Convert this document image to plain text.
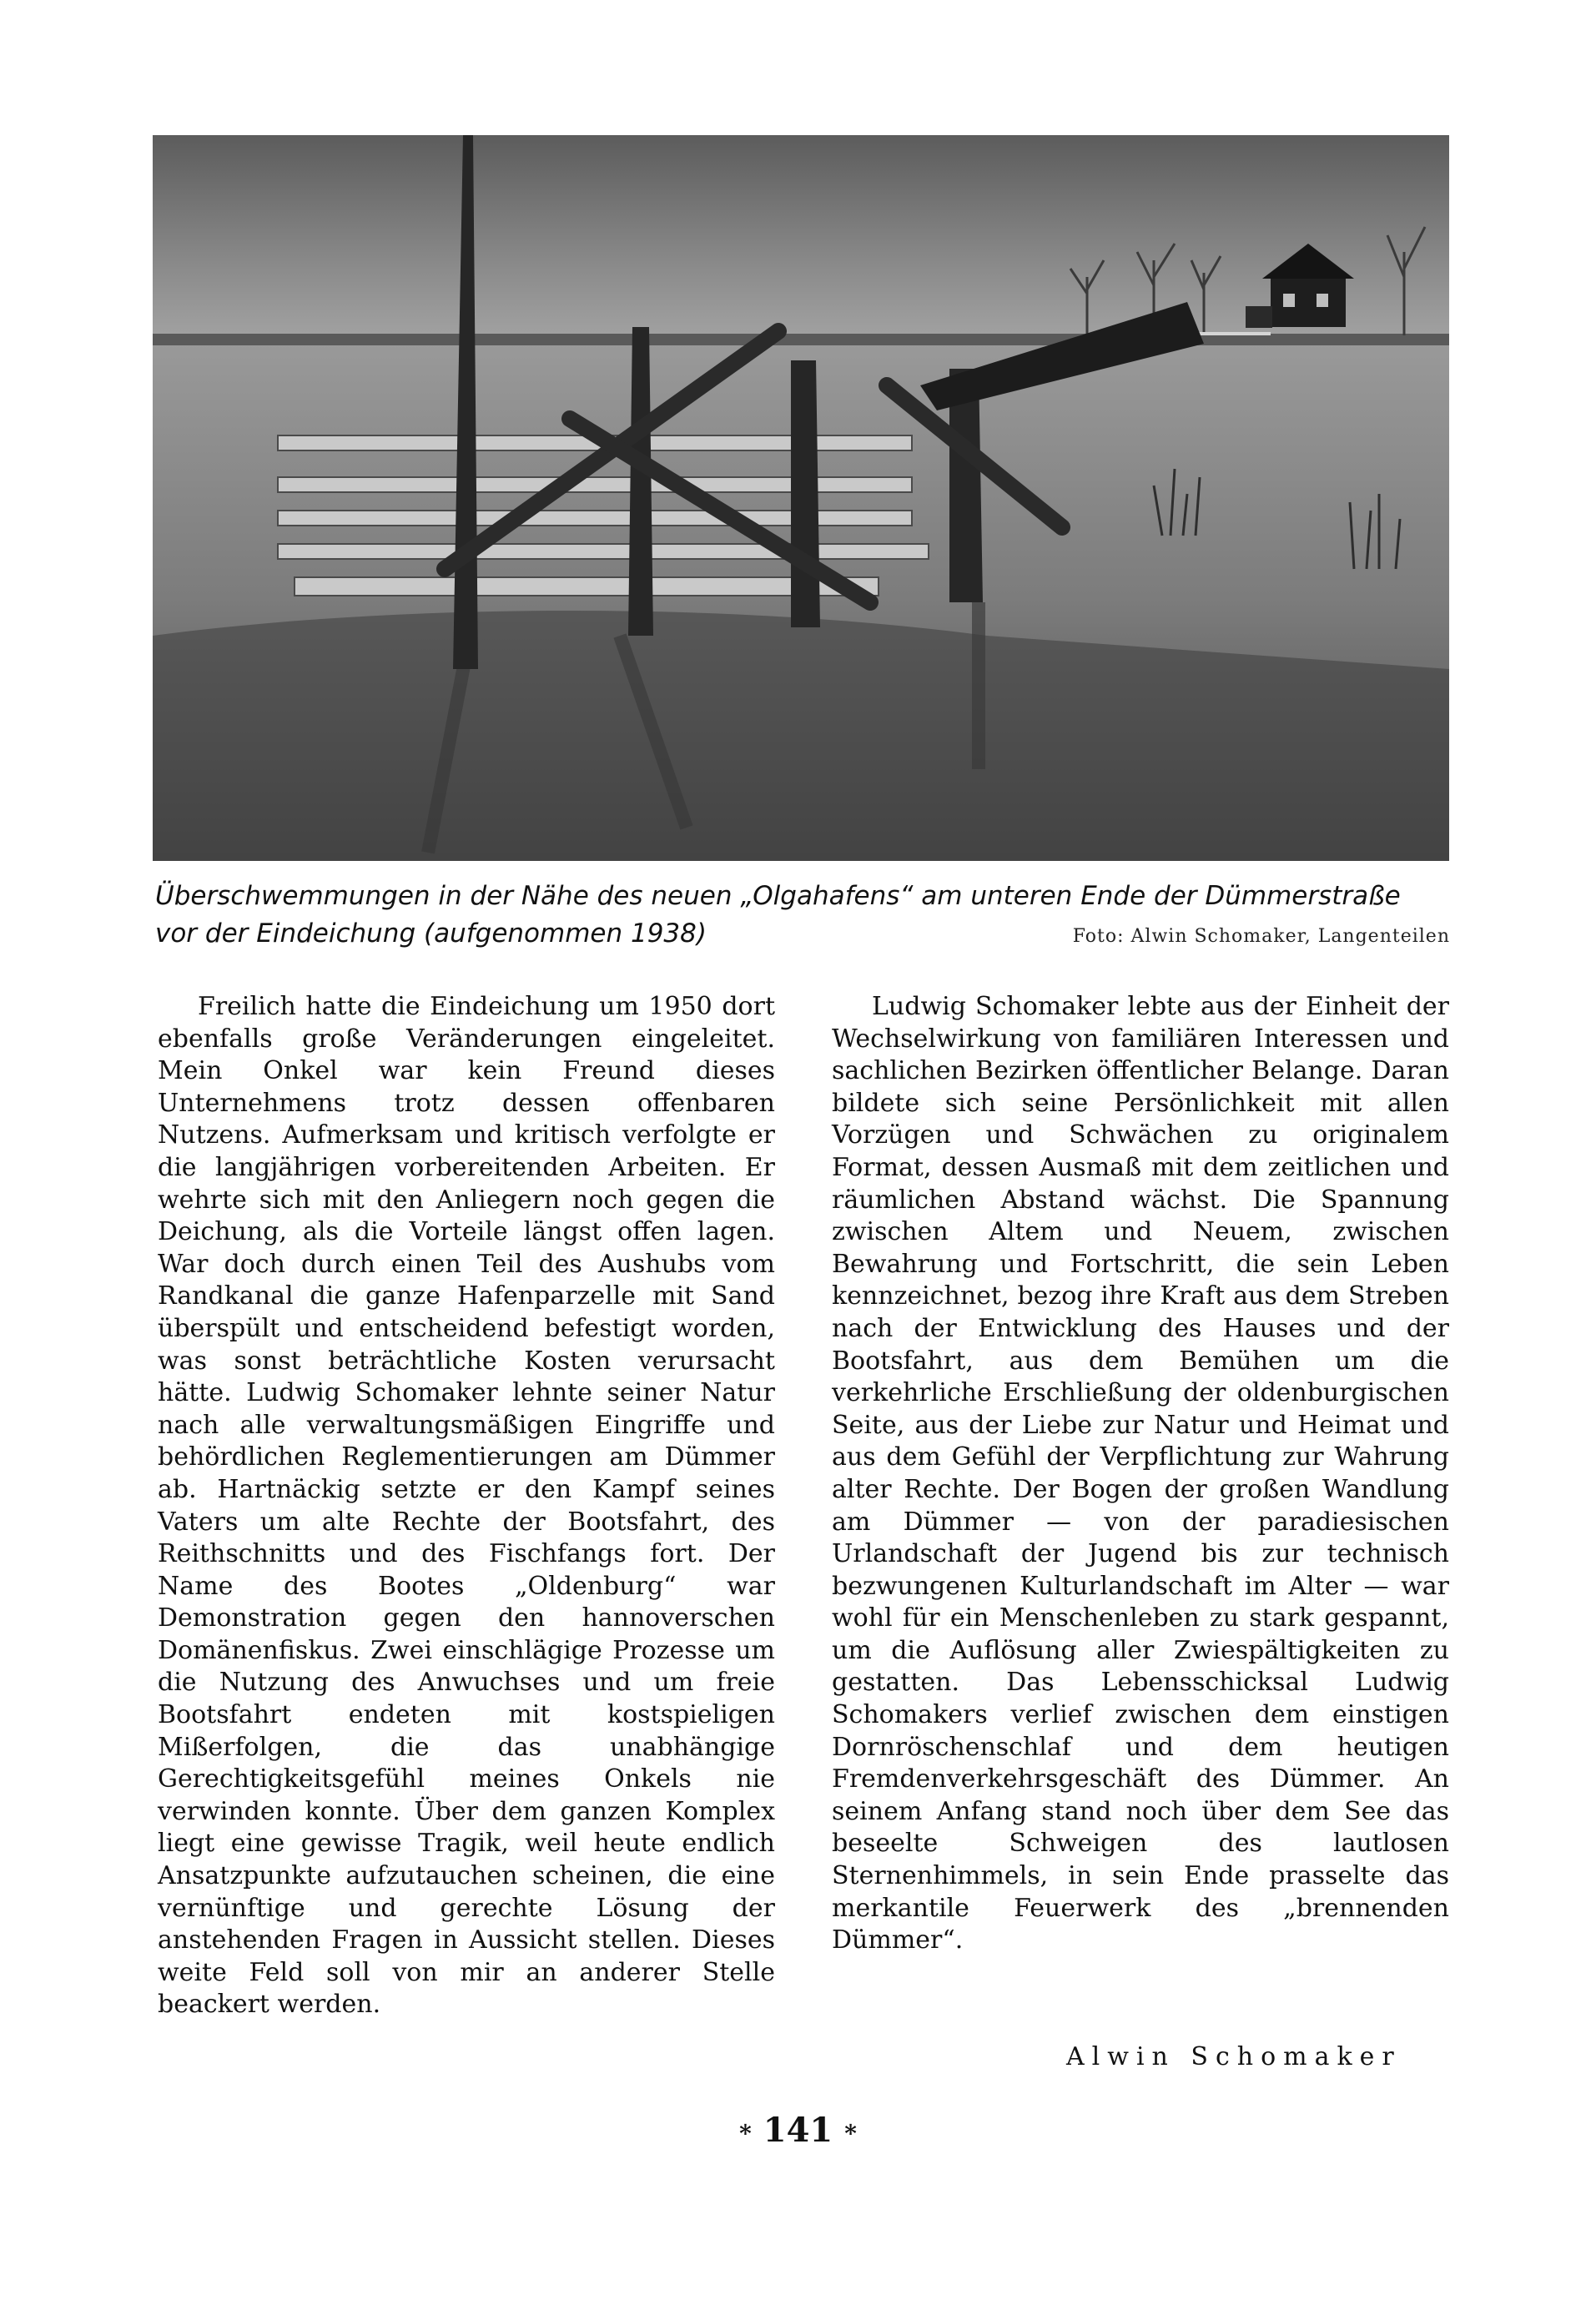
Überschwemmungen in der Nähe des neuen „Olgahafens“ am unteren Ende der Dümmerstraße
vor der Eindeichung (aufgenommen 1938)	Foto: Alwin Schomaker, Langenteilen

Freilich hatte die Eindeichung um 1950 dort ebenfalls große Veränderungen eingeleitet. Mein Onkel war kein Freund dieses Unternehmens trotz dessen offenbaren Nutzens. Aufmerksam und kritisch verfolgte er die langjährigen vorbereitenden Arbeiten. Er wehrte sich mit den Anliegern noch gegen die Deichung, als die Vorteile längst offen lagen. War doch durch einen Teil des Aushubs vom Randkanal die ganze Hafenparzelle mit Sand überspült und entscheidend befestigt worden, was sonst beträchtliche Kosten verursacht hätte. Ludwig Schomaker lehnte seiner Natur nach alle verwaltungsmäßigen Eingriffe und behördlichen Reglementierungen am Dümmer ab. Hartnäckig setzte er den Kampf seines Vaters um alte Rechte der Bootsfahrt, des Reithschnitts und des Fischfangs fort. Der Name des Bootes „Oldenburg“ war Demonstration gegen den hannoverschen Domänenfiskus. Zwei einschlägige Prozesse um die Nutzung des Anwuchses und um freie Bootsfahrt endeten mit kostspieligen Mißerfolgen, die das unabhängige Gerechtigkeitsgefühl meines Onkels nie verwinden konnte. Über dem ganzen Komplex liegt eine gewisse Tragik, weil heute endlich Ansatzpunkte aufzutauchen scheinen, die eine vernünftige und gerechte Lösung der anstehenden Fragen in Aussicht stellen. Dieses weite Feld soll von mir an anderer Stelle beackert werden.

Ludwig Schomaker lebte aus der Einheit der Wechselwirkung von familiären Interessen und sachlichen Bezirken öffentlicher Belange. Daran bildete sich seine Persönlichkeit mit allen Vorzügen und Schwächen zu originalem Format, dessen Ausmaß mit dem zeitlichen und räumlichen Abstand wächst. Die Spannung zwischen Altem und Neuem, zwischen Bewahrung und Fortschritt, die sein Leben kennzeichnet, bezog ihre Kraft aus dem Streben nach der Entwicklung des Hauses und der Bootsfahrt, aus dem Bemühen um die verkehrliche Erschließung der oldenburgischen Seite, aus der Liebe zur Natur und Heimat und aus dem Gefühl der Verpflichtung zur Wahrung alter Rechte. Der Bogen der großen Wandlung am Dümmer — von der paradiesischen Urlandschaft der Jugend bis zur technisch bezwungenen Kulturlandschaft im Alter — war wohl für ein Menschenleben zu stark gespannt, um die Auflösung aller Zwiespältigkeiten zu gestatten. Das Lebensschicksal Ludwig Schomakers verlief zwischen dem einstigen Dornröschenschlaf und dem heutigen Fremdenverkehrsgeschäft des Dümmer. An seinem Anfang stand noch über dem See das beseelte Schweigen des lautlosen Sternenhimmels, in sein Ende prasselte das merkantile Feuerwerk des „brennenden Dümmer“.

Alwin Schomaker
* 141 *
